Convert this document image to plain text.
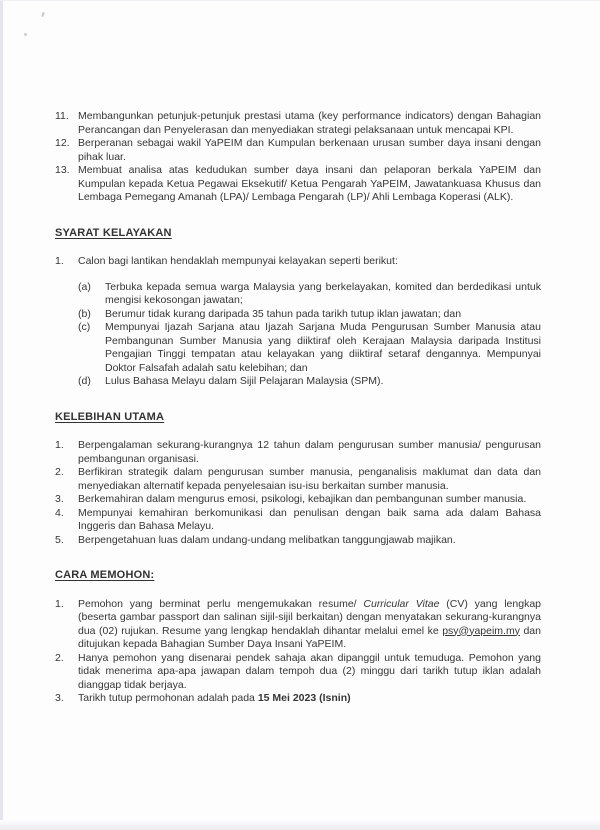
11. Membangunkan petunjuk-petunjuk prestasi utama (key performance indicators) dengan Bahagian Perancangan dan Penyelerasan dan menyediakan strategi pelaksanaan untuk mencapai KPI.
12. Berperanan sebagai wakil YaPEIM dan Kumpulan berkenaan urusan sumber daya insani dengan pihak luar.
13. Membuat analisa atas kedudukan sumber daya insani dan pelaporan berkala YaPEIM dan Kumpulan kepada Ketua Pegawai Eksekutif/ Ketua Pengarah YaPEIM, Jawatankuasa Khusus dan Lembaga Pemegang Amanah (LPA)/ Lembaga Pengarah (LP)/ Ahli Lembaga Koperasi (ALK).
SYARAT KELAYAKAN
1.	Calon bagi lantikan hendaklah mempunyai kelayakan seperti berikut:
(a)	Terbuka kepada semua warga Malaysia yang berkelayakan, komited dan berdedikasi untuk mengisi kekosongan jawatan;
(b)	Berumur tidak kurang daripada 35 tahun pada tarikh tutup iklan jawatan; dan
(c)	Mempunyai Ijazah Sarjana atau Ijazah Sarjana Muda Pengurusan Sumber Manusia atau Pembangunan Sumber Manusia yang diiktiraf oleh Kerajaan Malaysia daripada Institusi Pengajian Tinggi tempatan atau kelayakan yang diiktiraf setaraf dengannya. Mempunyai Doktor Falsafah adalah satu kelebihan; dan
(d)	Lulus Bahasa Melayu dalam Sijil Pelajaran Malaysia (SPM).
KELEBIHAN UTAMA
1.	Berpengalaman sekurang-kurangnya 12 tahun dalam pengurusan sumber manusia/ pengurusan pembangunan organisasi.
2.	Berfikiran strategik dalam pengurusan sumber manusia, penganalisis maklumat dan data dan menyediakan alternatif kepada penyelesaian isu-isu berkaitan sumber manusia.
3.	Berkemahiran dalam mengurus emosi, psikologi, kebajikan dan pembangunan sumber manusia.
4.	Mempunyai kemahiran berkomunikasi dan penulisan dengan baik sama ada dalam Bahasa Inggeris dan Bahasa Melayu.
5.	Berpengetahuan luas dalam undang-undang melibatkan tanggungjawab majikan.
CARA MEMOHON:
1.	Pemohon yang berminat perlu mengemukakan resume/ Curricular Vitae (CV) yang lengkap (beserta gambar passport dan salinan sijil-sijil berkaitan) dengan menyatakan sekurang-kurangnya dua (02) rujukan. Resume yang lengkap hendaklah dihantar melalui emel ke psy@yapeim.my dan ditujukan kepada Bahagian Sumber Daya Insani YaPEIM.
2.	Hanya pemohon yang disenarai pendek sahaja akan dipanggil untuk temuduga. Pemohon yang tidak menerima apa-apa jawapan dalam tempoh dua (2) minggu dari tarikh tutup iklan adalah dianggap tidak berjaya.
3.	Tarikh tutup permohonan adalah pada 15 Mei 2023 (Isnin)
